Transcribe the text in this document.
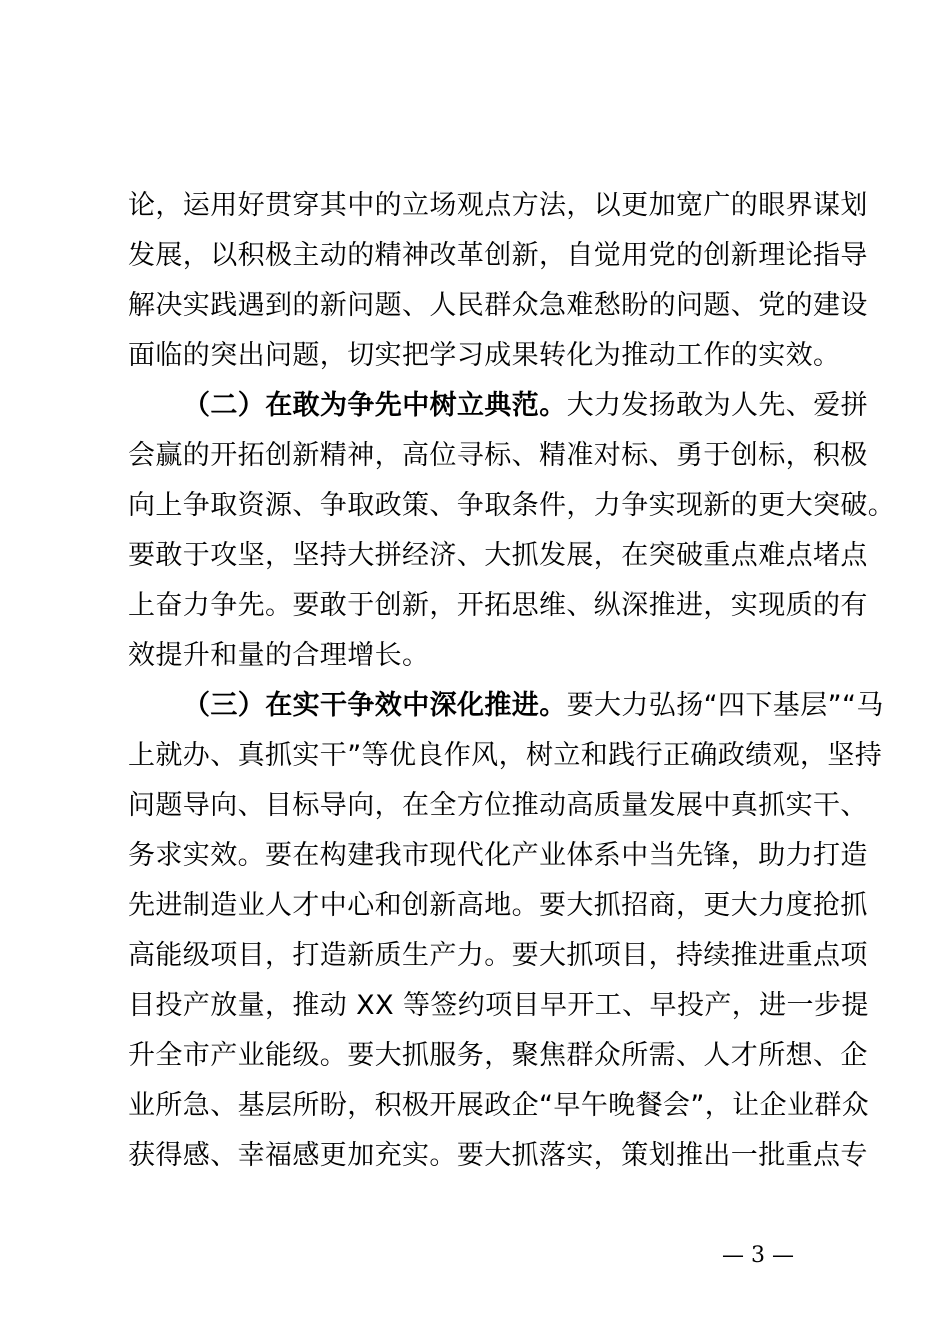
论，运用好贯穿其中的立场观点方法，以更加宽广的眼界谋划
发展，以积极主动的精神改革创新，自觉用党的创新理论指导
解决实践遇到的新问题、人民群众急难愁盼的问题、党的建设
面临的突出问题，切实把学习成果转化为推动工作的实效。
（二）在敢为争先中树立典范。大力发扬敢为人先、爱拼
会赢的开拓创新精神，高位寻标、精准对标、勇于创标，积极
向上争取资源、争取政策、争取条件，力争实现新的更大突破。
要敢于攻坚，坚持大拼经济、大抓发展，在突破重点难点堵点
上奋力争先。要敢于创新，开拓思维、纵深推进，实现质的有
效提升和量的合理增长。
（三）在实干争效中深化推进。要大力弘扬“四下基层”“马
上就办、真抓实干”等优良作风，树立和践行正确政绩观，坚持
问题导向、目标导向，在全方位推动高质量发展中真抓实干、
务求实效。要在构建我市现代化产业体系中当先锋，助力打造
先进制造业人才中心和创新高地。要大抓招商，更大力度抢抓
高能级项目，打造新质生产力。要大抓项目，持续推进重点项
目投产放量，推动 XX 等签约项目早开工、早投产，进一步提
升全市产业能级。要大抓服务，聚焦群众所需、人才所想、企
业所急、基层所盼，积极开展政企“早午晚餐会”，让企业群众
获得感、幸福感更加充实。要大抓落实，策划推出一批重点专
— 3 —
